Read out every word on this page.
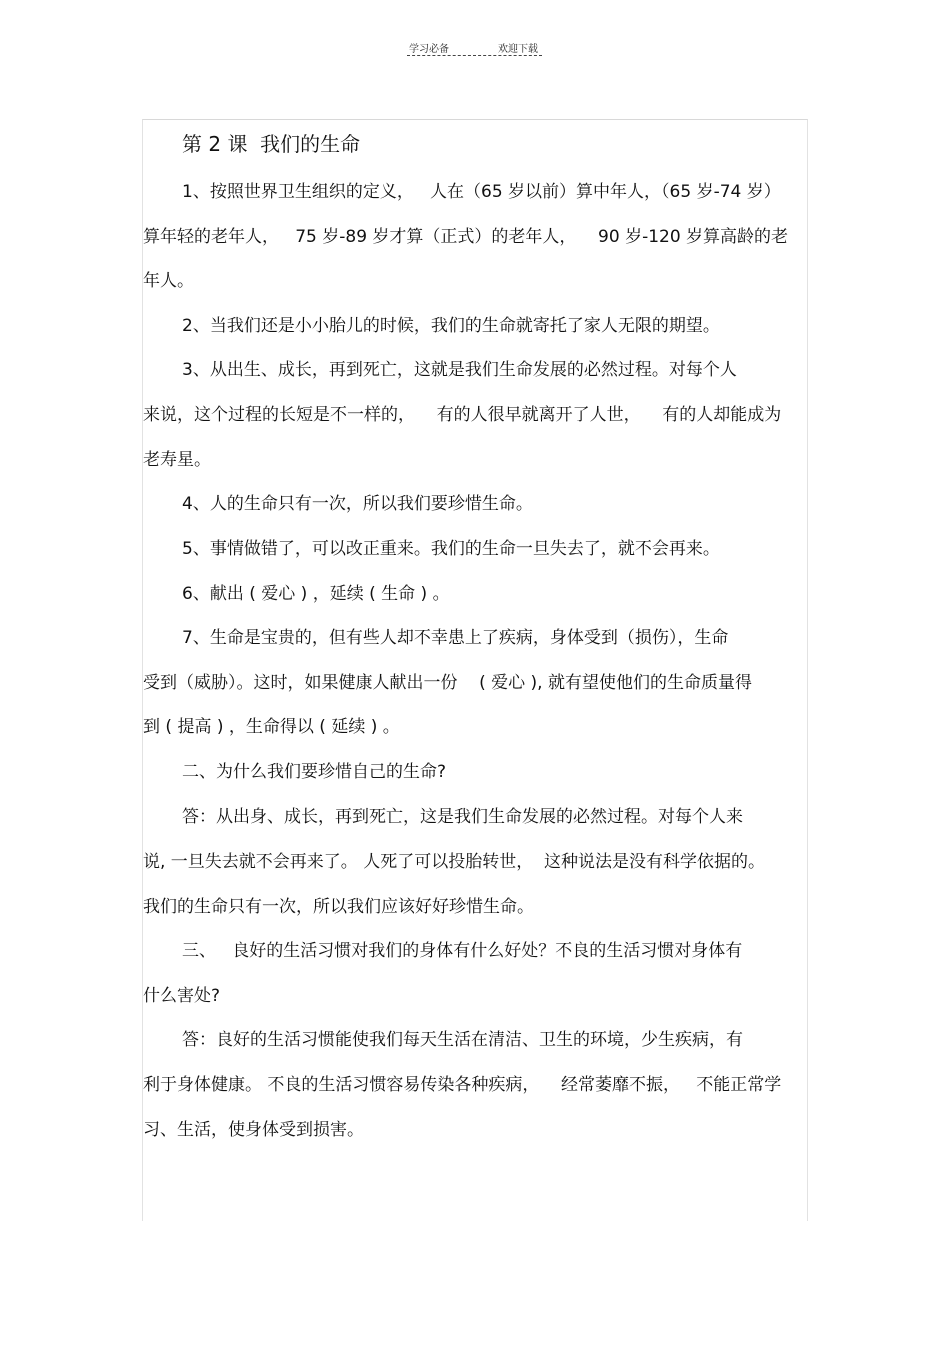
学习必备	欢迎下载
第 2 课  我们的生命
1、按照世界卫生组织的定义，   人在（65 岁以前）算中年人，（65 岁-74 岁）
算年轻的老年人，   75 岁-89 岁才算（正式）的老年人，    90 岁-120 岁算高龄的老
年人。
2、当我们还是小小胎儿的时候，我们的生命就寄托了家人无限的期望。
3、从出生、成长，再到死亡，这就是我们生命发展的必然过程。对每个人
来说，这个过程的长短是不一样的，    有的人很早就离开了人世，    有的人却能成为
老寿星。
4、人的生命只有一次，所以我们要珍惜生命。
5、事情做错了，可以改正重来。我们的生命一旦失去了，就不会再来。
6、献出 ( 爱心 ) ，延续 ( 生命 ) 。
7、生命是宝贵的，但有些人却不幸患上了疾病，身体受到（损伤），生命
受到（威胁）。这时，如果健康人献出一份    ( 爱心 ), 就有望使他们的生命质量得
到 ( 提高 ) ，生命得以 ( 延续 ) 。
二、为什么我们要珍惜自己的生命?
答：从出身、成长，再到死亡，这是我们生命发展的必然过程。对每个人来
说, 一旦失去就不会再来了。 人死了可以投胎转世，  这种说法是没有科学依据的。
我们的生命只有一次，所以我们应该好好珍惜生命。
三、   良好的生活习惯对我们的身体有什么好处？不良的生活习惯对身体有
什么害处?
答：良好的生活习惯能使我们每天生活在清洁、卫生的环境，少生疾病，有
利于身体健康。 不良的生活习惯容易传染各种疾病，    经常萎靡不振，   不能正常学
习、生活，使身体受到损害。
